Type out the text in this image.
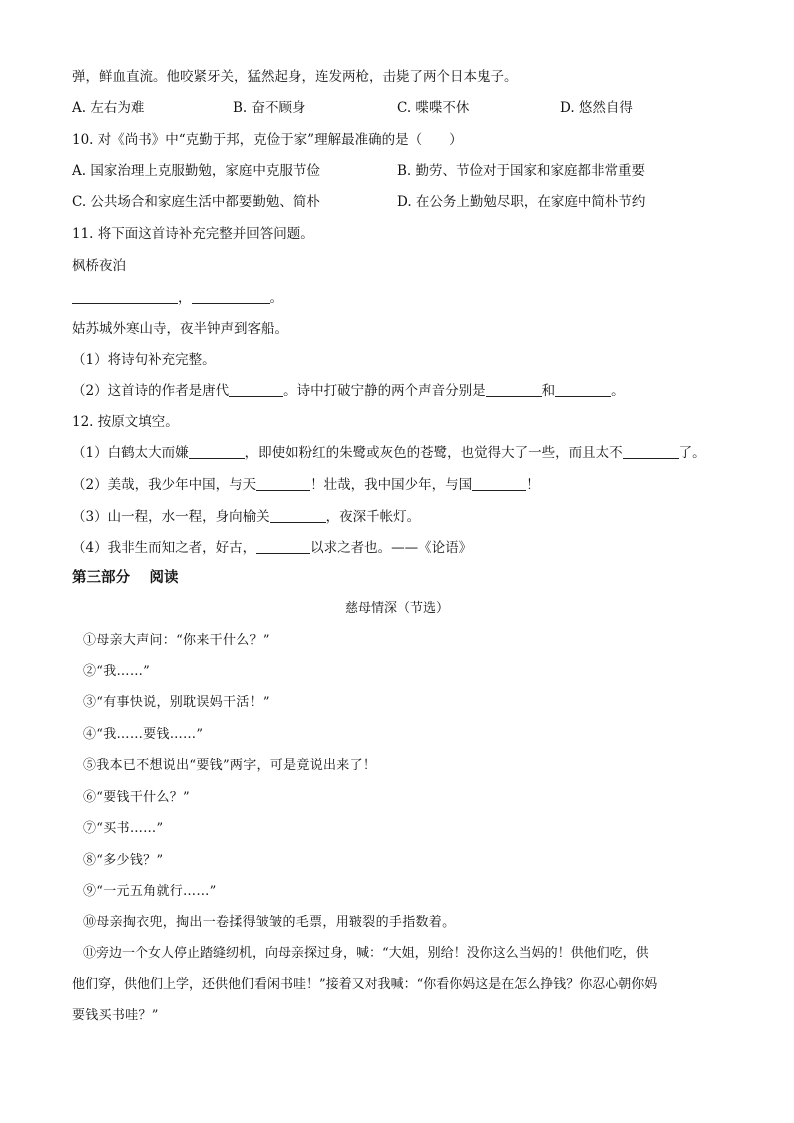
弹，鲜血直流。他咬紧牙关，猛然起身，连发两枪，击毙了两个日本鬼子。
A. 左右为难	B. 奋不顾身	C. 喋喋不休	D. 悠然自得
10. 对《尚书》中“克勤于邦，克俭于家”理解最准确的是（　　）
A. 国家治理上克服勤勉，家庭中克服节俭	B. 勤劳、节俭对于国家和家庭都非常重要
C. 公共场合和家庭生活中都要勤勉、简朴	D. 在公务上勤勉尽职，在家庭中简朴节约
11. 将下面这首诗补充完整并回答问题。
枫桥夜泊
，	。
姑苏城外寒山寺，夜半钟声到客船。
（1）将诗句补充完整。
（2）这首诗的作者是唐代	。诗中打破宁静的两个声音分别是	和	。
12. 按原文填空。
（1）白鹤太大而嫌	，即使如粉红的朱鹭或灰色的苍鹭，也觉得大了一些，而且太不	了。
（2）美哉，我少年中国，与天	！壮哉，我中国少年，与国	！
（3）山一程，水一程，身向榆关	，夜深千帐灯。
（4）我非生而知之者，好古，	以求之者也。——《论语》
第三部分　 阅读
慈母情深（节选）
①母亲大声问：“你来干什么？”
②“我……”
③“有事快说，别耽误妈干活！”
④“我……要钱……”
⑤我本已不想说出“要钱”两字，可是竟说出来了！
⑥“要钱干什么？”
⑦“买书……”
⑧“多少钱？”
⑨“一元五角就行……”
⑩母亲掏衣兜，掏出一卷揉得皱皱的毛票，用皲裂的手指数着。
⑪旁边一个女人停止踏缝纫机，向母亲探过身，喊：“大姐，别给！没你这么当妈的！供他们吃，供
他们穿，供他们上学，还供他们看闲书哇！”接着又对我喊：“你看你妈这是在怎么挣钱？你忍心朝你妈
要钱买书哇？”
